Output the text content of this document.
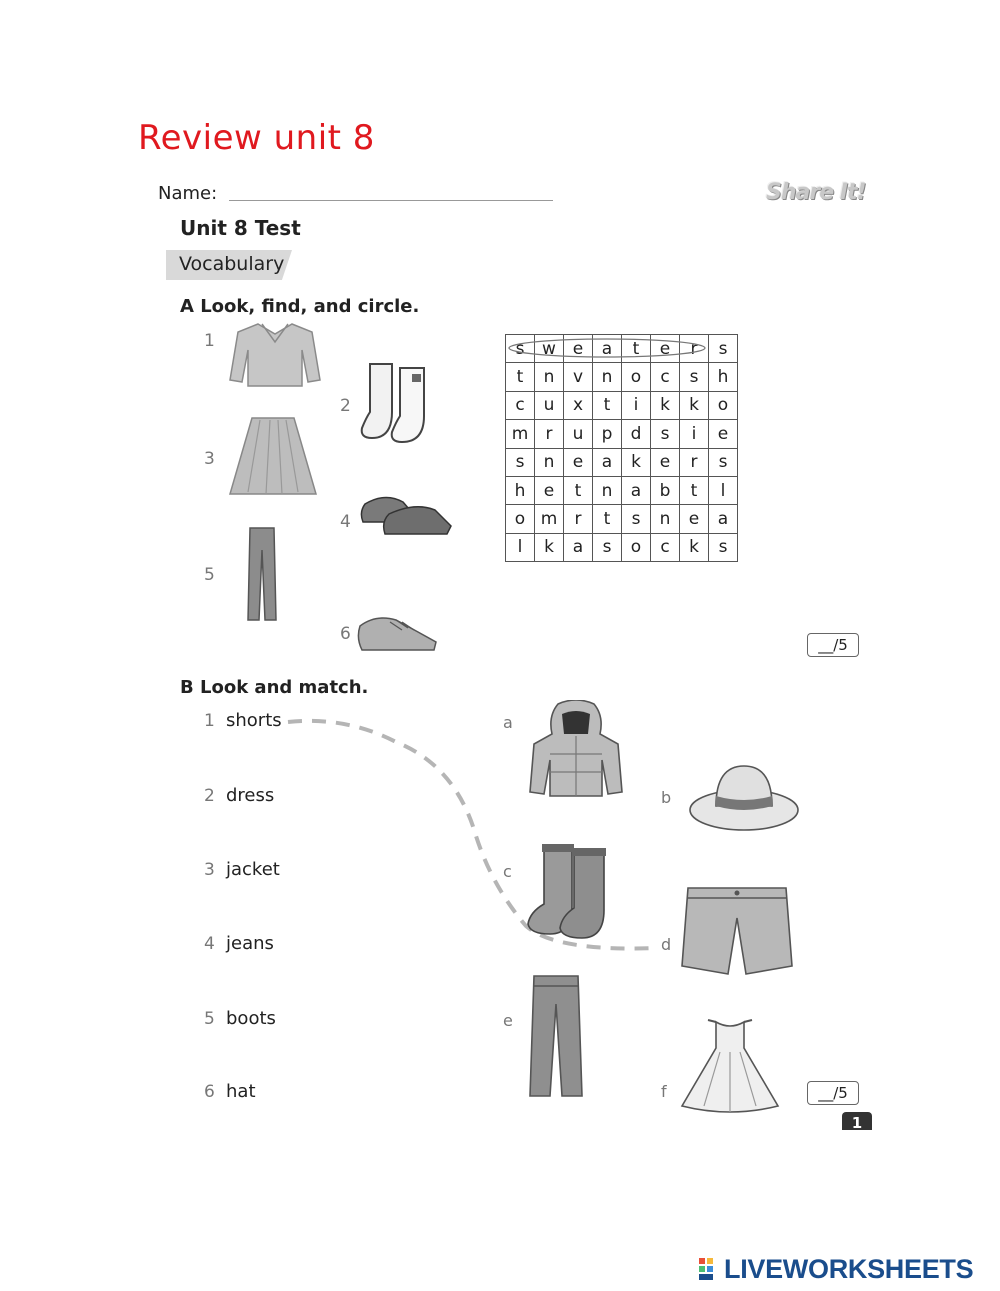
Review unit 8
Name:	Share It!
Unit 8 Test
Vocabulary
A Look, find, and circle.
1
2
3
4
5
6
s	w	e	a	t	e	r	s
t	n	v	n	o	c	s	h
c	u	x	t	i	k	k	o
m	r	u	p	d	s	i	e
s	n	e	a	k	e	r	s
h	e	t	n	a	b	t	l
o	m	r	t	s	n	e	a
l	k	a	s	o	c	k	s
__/5
B Look and match.
1 shorts
2 dress
3 jacket
4 jeans
5 boots
6 hat
a
b
c
d
e
f	__/5
1
LIVEWORKSHEETS
